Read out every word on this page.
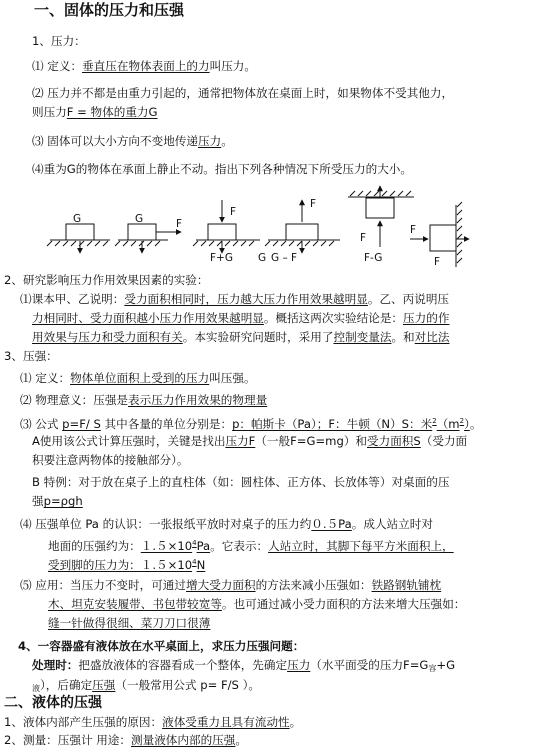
一、固体的压力和压强
1、压力：
⑴ 定义：垂直压在物体表面上的力叫压力。
⑵ 压力并不都是由重力引起的，通常把物体放在桌面上时，如果物体不受其他力，
则压力F = 物体的重力G
⑶ 固体可以大小方向不变地传递压力。
⑷重为G的物体在承面上静止不动。指出下列各种情况下所受压力的大小。
G	G	F
F+G
F
G
F
G – F
F
F-G
F
F
2、研究影响压力作用效果因素的实验：
⑴课本甲、乙说明：受力面积相同时，压力越大压力作用效果越明显。乙、丙说明压
力相同时、受力面积越小压力作用效果越明显。概括这两次实验结论是：压力的作
用效果与压力和受力面积有关。本实验研究问题时，采用了控制变量法。和对比法
3、压强：
⑴ 定义：物体单位面积上受到的压力叫压强。
⑵ 物理意义：压强是表示压力作用效果的物理量
⑶ 公式 p=F/ S 其中各量的单位分别是：p：帕斯卡（Pa）；F：牛顿（N）S：米$^2(m^2)$。
A使用该公式计算压强时，关键是找出压力F（一般F=G=mg）和受力面积S（受力面
积要注意两物体的接触部分）。
B 特例：对于放在桌子上的直柱体（如：圆柱体、正方体、长放体等）对桌面的压
强p=ρgh
⑷ 压强单位 Pa 的认识：一张报纸平放时对桌子的压力约０.５Pa。成人站立时对
地面的压强约为：$1.5\times 10^4Pa$。它表示：人站立时，其脚下每平方米面积上，
受到脚的压力为：$1.5\times 10^4N$
⑸ 应用：当压力不变时，可通过增大受力面积的方法来减小压强如：铁路钢轨铺枕
木、坦克安装履带、书包带较宽等。也可通过减小受力面积的方法来增大压强如：
缝一针做得很细、菜刀刀口很薄
4、一容器盛有液体放在水平桌面上，求压力压强问题：
处理时：把盛放液体的容器看成一个整体，先确定压力（水平面受的压力F=G容+G
液），后确定压强（一般常用公式 p= F/S ）。
二、液体的压强
1、液体内部产生压强的原因：液体受重力且具有流动性。
2、测量：压强计 用途：测量液体内部的压强。
